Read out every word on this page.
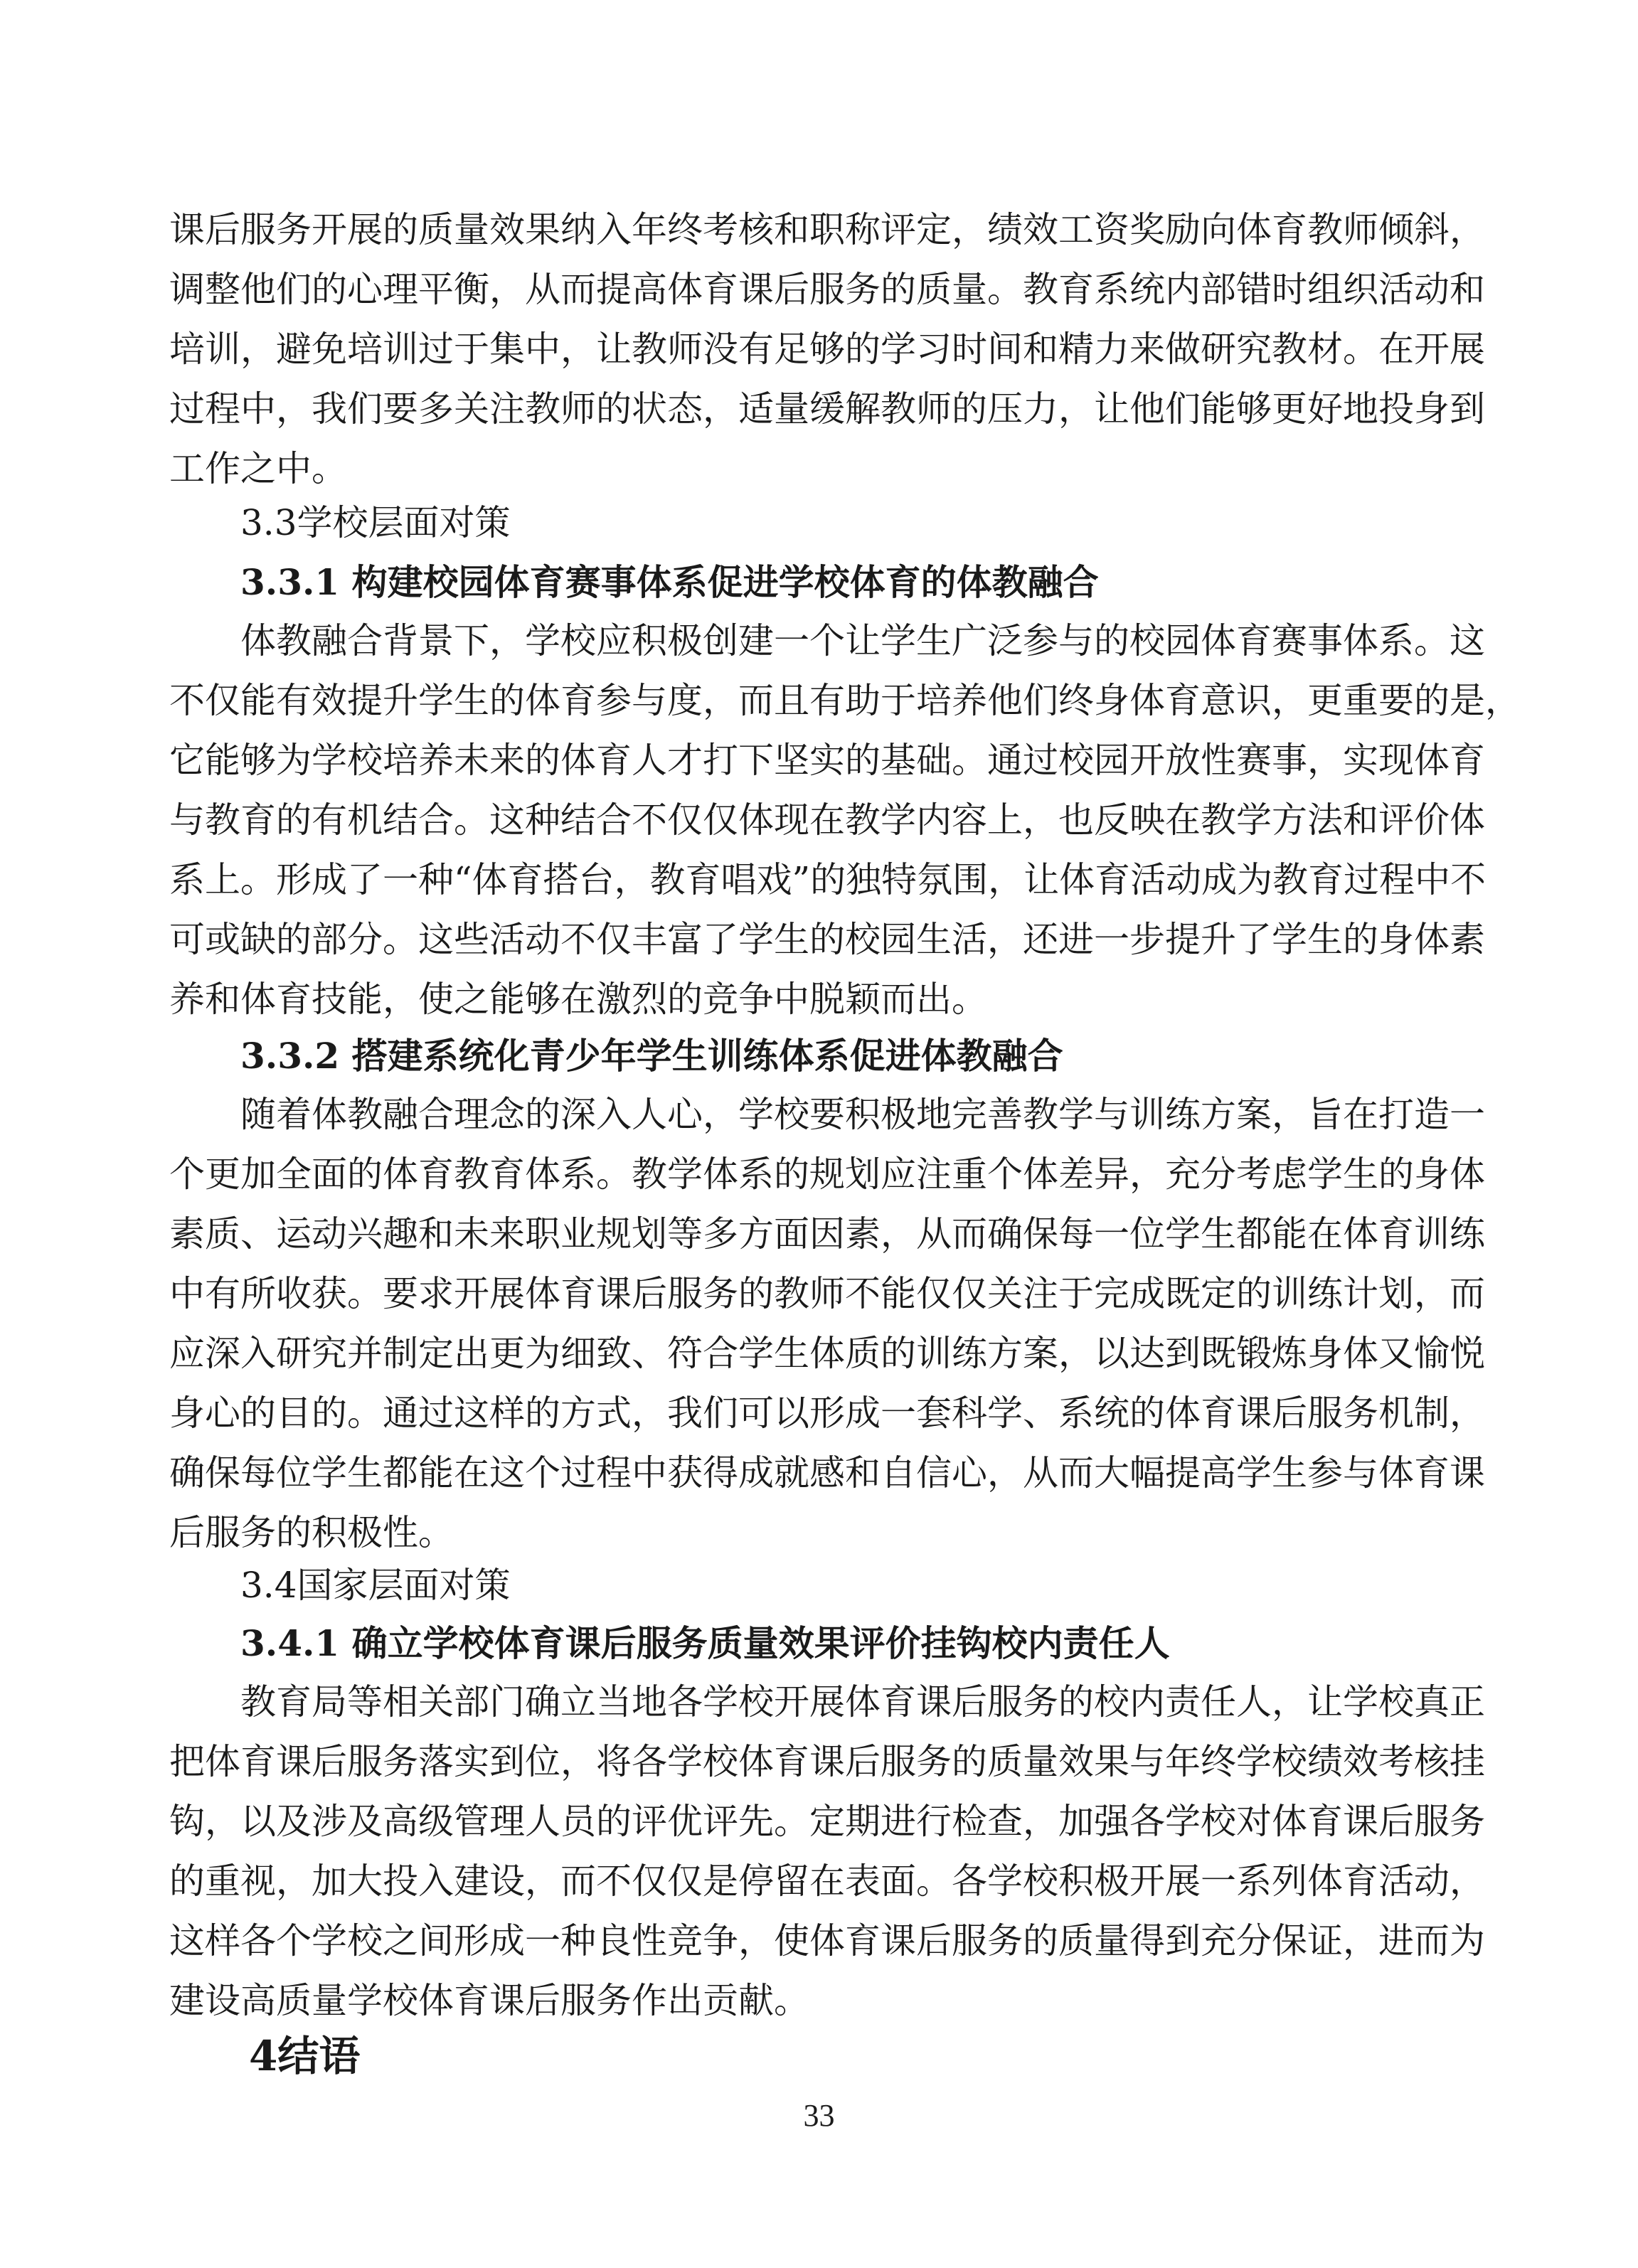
课后服务开展的质量效果纳入年终考核和职称评定，绩效工资奖励向体育教师倾斜，
调整他们的心理平衡，从而提高体育课后服务的质量。教育系统内部错时组织活动和
培训，避免培训过于集中，让教师没有足够的学习时间和精力来做研究教材。在开展
过程中，我们要多关注教师的状态，适量缓解教师的压力，让他们能够更好地投身到
工作之中。
3.3学校层面对策
3.3.1 构建校园体育赛事体系促进学校体育的体教融合
体教融合背景下，学校应积极创建一个让学生广泛参与的校园体育赛事体系。这
不仅能有效提升学生的体育参与度，而且有助于培养他们终身体育意识，更重要的是，
它能够为学校培养未来的体育人才打下坚实的基础。通过校园开放性赛事，实现体育
与教育的有机结合。这种结合不仅仅体现在教学内容上，也反映在教学方法和评价体
系上。形成了一种“体育搭台，教育唱戏”的独特氛围，让体育活动成为教育过程中不
可或缺的部分。这些活动不仅丰富了学生的校园生活，还进一步提升了学生的身体素
养和体育技能，使之能够在激烈的竞争中脱颖而出。
3.3.2 搭建系统化青少年学生训练体系促进体教融合
随着体教融合理念的深入人心，学校要积极地完善教学与训练方案，旨在打造一
个更加全面的体育教育体系。教学体系的规划应注重个体差异，充分考虑学生的身体
素质、运动兴趣和未来职业规划等多方面因素，从而确保每一位学生都能在体育训练
中有所收获。要求开展体育课后服务的教师不能仅仅关注于完成既定的训练计划，而
应深入研究并制定出更为细致、符合学生体质的训练方案，以达到既锻炼身体又愉悦
身心的目的。通过这样的方式，我们可以形成一套科学、系统的体育课后服务机制，
确保每位学生都能在这个过程中获得成就感和自信心，从而大幅提高学生参与体育课
后服务的积极性。
3.4国家层面对策
3.4.1 确立学校体育课后服务质量效果评价挂钩校内责任人
教育局等相关部门确立当地各学校开展体育课后服务的校内责任人，让学校真正
把体育课后服务落实到位，将各学校体育课后服务的质量效果与年终学校绩效考核挂
钩，以及涉及高级管理人员的评优评先。定期进行检查，加强各学校对体育课后服务
的重视，加大投入建设，而不仅仅是停留在表面。各学校积极开展一系列体育活动，
这样各个学校之间形成一种良性竞争，使体育课后服务的质量得到充分保证，进而为
建设高质量学校体育课后服务作出贡献。
4结语
33
